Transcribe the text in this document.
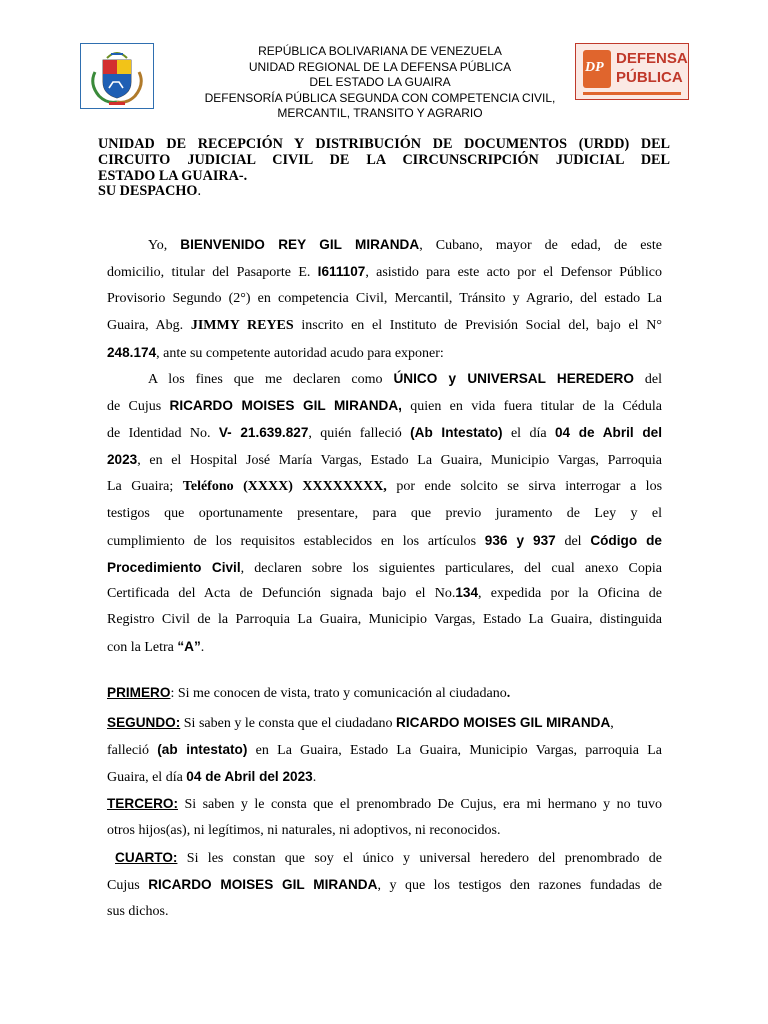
REPÚBLICA BOLIVARIANA DE VENEZUELA
UNIDAD REGIONAL DE LA DEFENSA PÚBLICA
DEL ESTADO LA GUAIRA
DEFENSORÍA PÚBLICA SEGUNDA CON COMPETENCIA CIVIL,
MERCANTIL, TRANSITO Y AGRARIO
DP
DEFENSA
PÚBLICA
UNIDAD DE RECEPCIÓN Y DISTRIBUCIÓN DE DOCUMENTOS (URDD) DEL
CIRCUITO JUDICIAL CIVIL DE LA CIRCUNSCRIPCIÓN JUDICIAL DEL
ESTADO LA GUAIRA-.
SU DESPACHO.
Yo, BIENVENIDO REY GIL MIRANDA, Cubano, mayor de edad, de este
domicilio, titular del Pasaporte E. I611107, asistido para este acto por el Defensor Público
Provisorio Segundo (2°) en competencia Civil, Mercantil, Tránsito y Agrario, del estado La
Guaira, Abg. JIMMY REYES inscrito en el Instituto de Previsión Social del, bajo el N°
248.174, ante su competente autoridad acudo para exponer:
A los fines que me declaren como ÚNICO y UNIVERSAL HEREDERO del
de Cujus RICARDO MOISES GIL MIRANDA, quien en vida fuera titular de la Cédula
de Identidad No. V- 21.639.827, quién falleció (Ab Intestato) el día 04 de Abril del
2023, en el Hospital José María Vargas, Estado La Guaira, Municipio Vargas, Parroquia
La Guaira; Teléfono (XXXX) XXXXXXXX, por ende solcito se sirva interrogar a los
testigos que oportunamente presentare, para que previo juramento de Ley y el
cumplimiento de los requisitos establecidos en los artículos 936 y 937 del Código de
Procedimiento Civil, declaren sobre los siguientes particulares, del cual anexo Copia
Certificada del Acta de Defunción signada bajo el No.134, expedida por la Oficina de
Registro Civil de la Parroquia La Guaira, Municipio Vargas, Estado La Guaira, distinguida
con la Letra “A”.
PRIMERO: Si me conocen de vista, trato y comunicación al ciudadano.
SEGUNDO: Si saben y le consta que el ciudadano RICARDO MOISES GIL MIRANDA,
falleció (ab intestato) en La Guaira, Estado La Guaira, Municipio Vargas, parroquia La
Guaira, el día 04 de Abril del 2023.
TERCERO: Si saben y le consta que el prenombrado De Cujus, era mi hermano y no tuvo
otros hijos(as), ni legítimos, ni naturales, ni adoptivos, ni reconocidos.
CUARTO: Si les constan que soy el único y universal heredero del prenombrado de
Cujus RICARDO MOISES GIL MIRANDA, y que los testigos den razones fundadas de
sus dichos.
